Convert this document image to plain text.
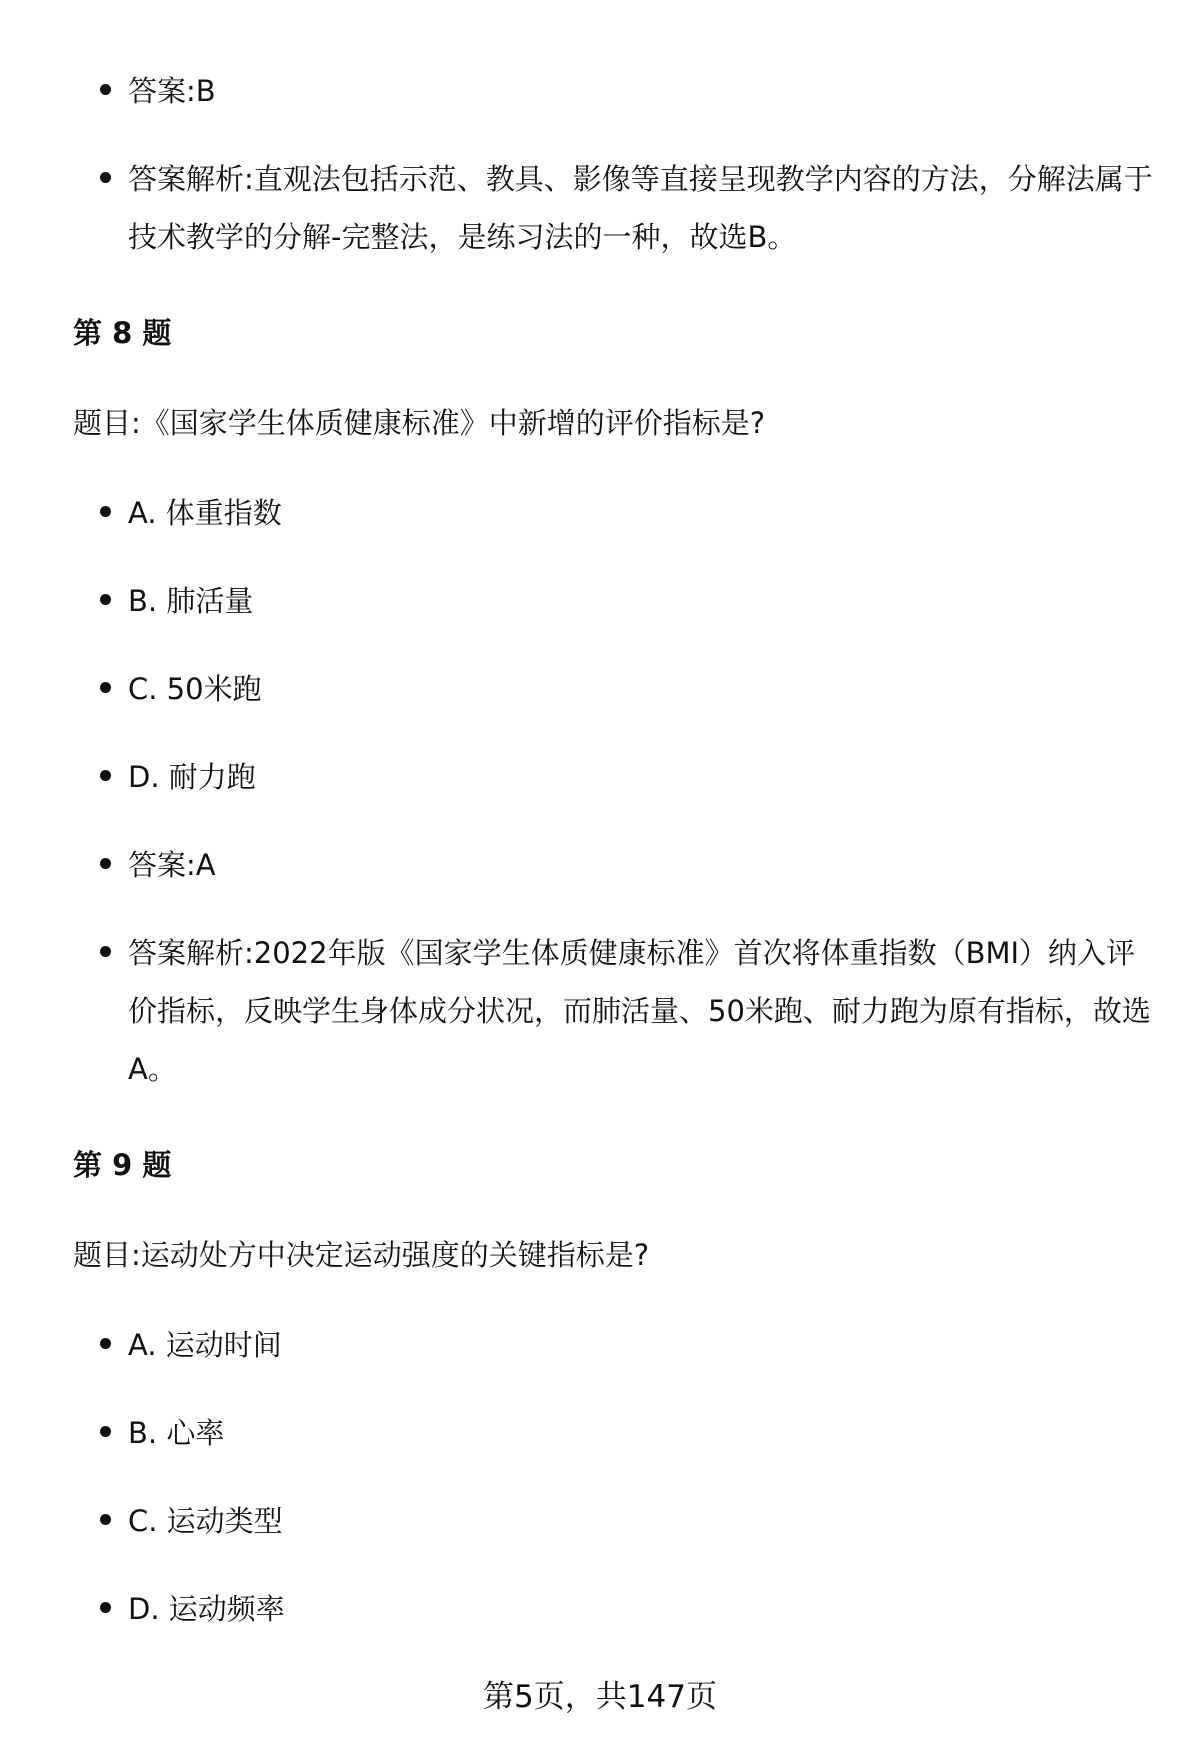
答案:B
答案解析:直观法包括示范、教具、影像等直接呈现教学内容的方法，分解法属于技术教学的分解-完整法，是练习法的一种，故选B。

第 8 题

题目:《国家学生体质健康标准》中新增的评价指标是?

A. 体重指数
B. 肺活量
C. 50米跑
D. 耐力跑
答案:A
答案解析:2022年版《国家学生体质健康标准》首次将体重指数（BMI）纳入评价指标，反映学生身体成分状况，而肺活量、50米跑、耐力跑为原有指标，故选A。

第 9 题

题目:运动处方中决定运动强度的关键指标是?

A. 运动时间
B. 心率
C. 运动类型
D. 运动频率
第5页，共147页
